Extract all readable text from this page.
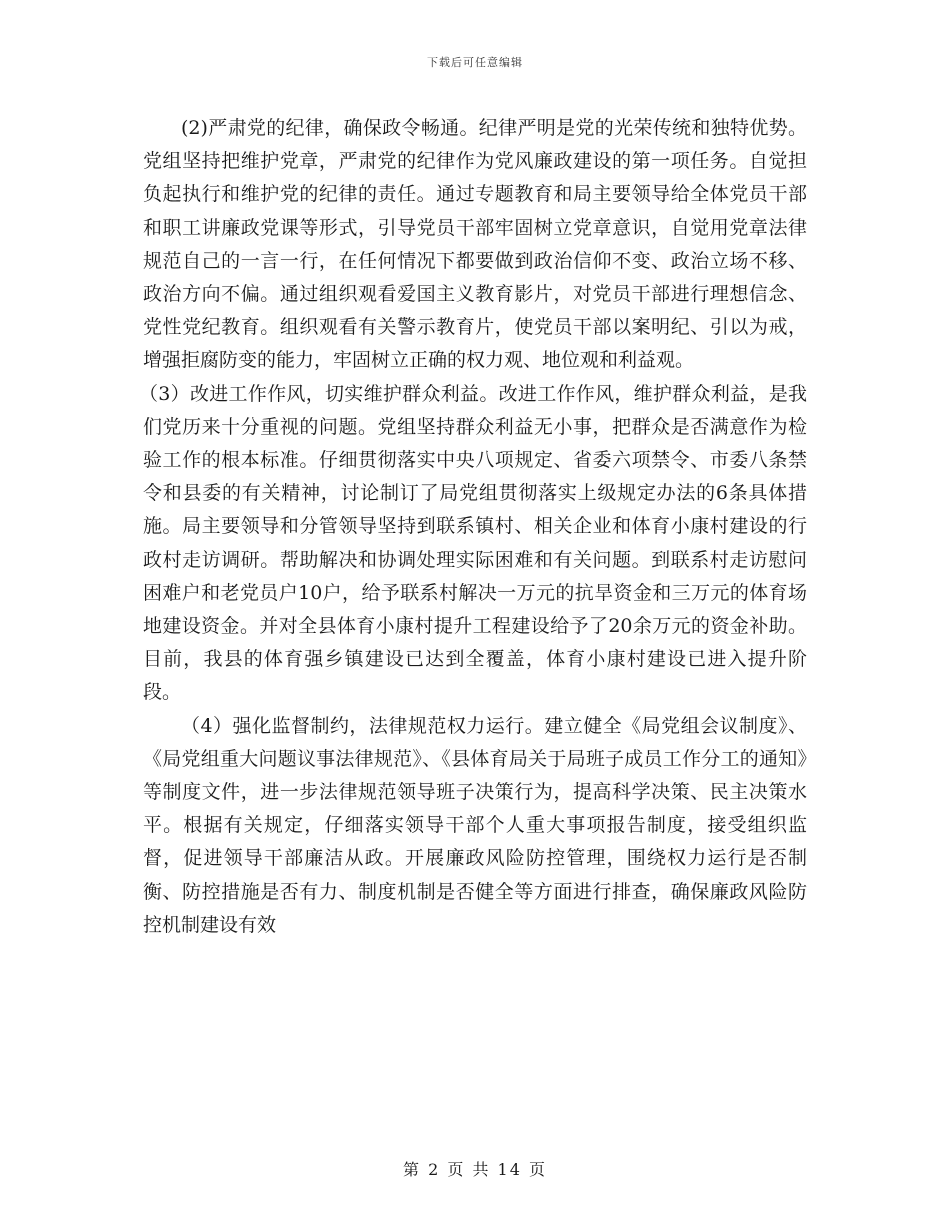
下载后可任意编辑

(2)严肃党的纪律，确保政令畅通。纪律严明是党的光荣传统和独特优势。党组坚持把维护党章，严肃党的纪律作为党风廉政建设的第一项任务。自觉担负起执行和维护党的纪律的责任。通过专题教育和局主要领导给全体党员干部和职工讲廉政党课等形式，引导党员干部牢固树立党章意识，自觉用党章法律规范自己的一言一行，在任何情况下都要做到政治信仰不变、政治立场不移、政治方向不偏。通过组织观看爱国主义教育影片，对党员干部进行理想信念、党性党纪教育。组织观看有关警示教育片，使党员干部以案明纪、引以为戒，增强拒腐防变的能力，牢固树立正确的权力观、地位观和利益观。

（3）改进工作作风，切实维护群众利益。改进工作作风，维护群众利益，是我们党历来十分重视的问题。党组坚持群众利益无小事，把群众是否满意作为检验工作的根本标准。仔细贯彻落实中央八项规定、省委六项禁令、市委八条禁令和县委的有关精神，讨论制订了局党组贯彻落实上级规定办法的6条具体措施。局主要领导和分管领导坚持到联系镇村、相关企业和体育小康村建设的行政村走访调研。帮助解决和协调处理实际困难和有关问题。到联系村走访慰问困难户和老党员户10户，给予联系村解决一万元的抗旱资金和三万元的体育场地建设资金。并对全县体育小康村提升工程建设给予了20余万元的资金补助。目前，我县的体育强乡镇建设已达到全覆盖，体育小康村建设已进入提升阶段。

（4）强化监督制约，法律规范权力运行。建立健全《局党组会议制度》、《局党组重大问题议事法律规范》、《县体育局关于局班子成员工作分工的通知》等制度文件，进一步法律规范领导班子决策行为，提高科学决策、民主决策水平。根据有关规定，仔细落实领导干部个人重大事项报告制度，接受组织监督，促进领导干部廉洁从政。开展廉政风险防控管理，围绕权力运行是否制衡、防控措施是否有力、制度机制是否健全等方面进行排查，确保廉政风险防控机制建设有效

第 2 页 共 14 页
